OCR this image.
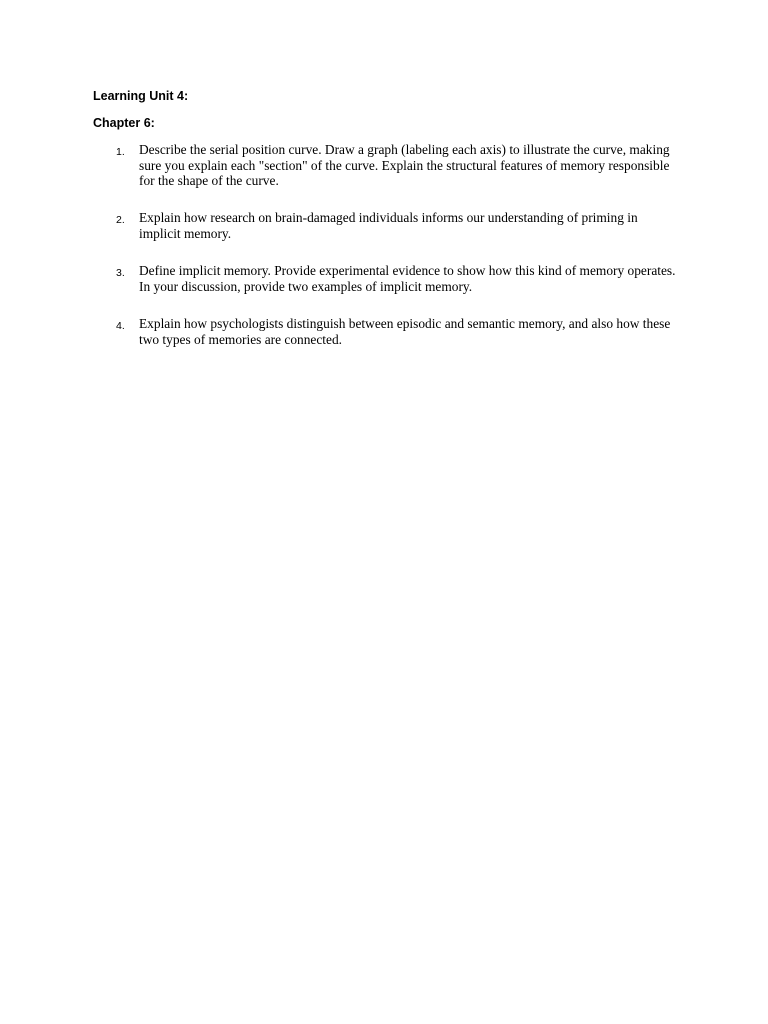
Learning Unit 4:

Chapter 6:

1. Describe the serial position curve. Draw a graph (labeling each axis) to illustrate the curve, making sure you explain each "section" of the curve. Explain the structural features of memory responsible for the shape of the curve.

2. Explain how research on brain-damaged individuals informs our understanding of priming in implicit memory.

3. Define implicit memory. Provide experimental evidence to show how this kind of memory operates. In your discussion, provide two examples of implicit memory.

4. Explain how psychologists distinguish between episodic and semantic memory, and also how these two types of memories are connected.
